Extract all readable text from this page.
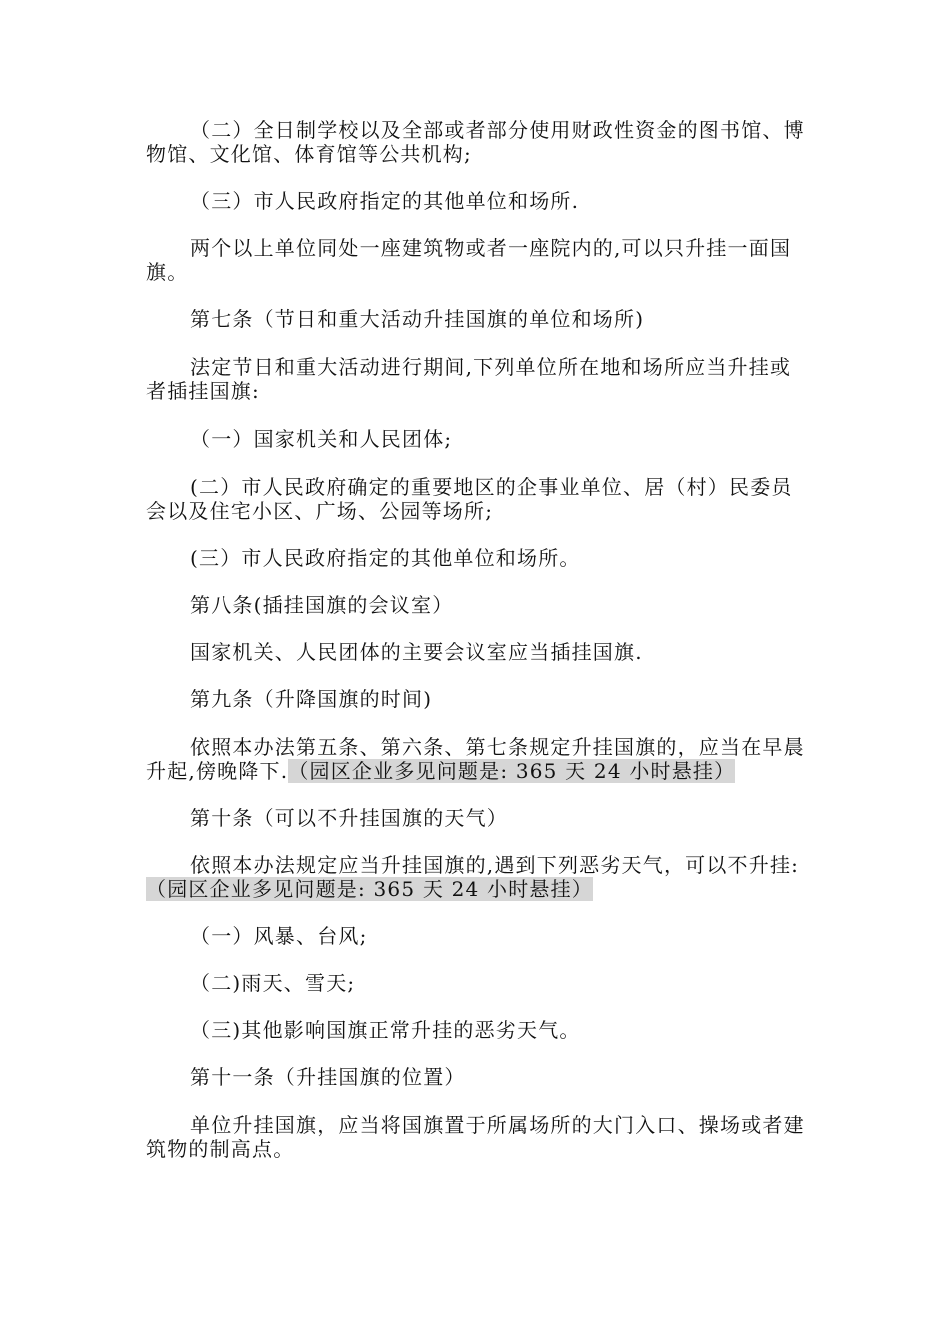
（二）全日制学校以及全部或者部分使用财政性资金的图书馆、博物馆、文化馆、体育馆等公共机构;

（三）市人民政府指定的其他单位和场所.

两个以上单位同处一座建筑物或者一座院内的,可以只升挂一面国旗。

第七条（节日和重大活动升挂国旗的单位和场所)

法定节日和重大活动进行期间,下列单位所在地和场所应当升挂或者插挂国旗:

（一）国家机关和人民团体;

(二）市人民政府确定的重要地区的企事业单位、居（村）民委员会以及住宅小区、广场、公园等场所;

(三）市人民政府指定的其他单位和场所。

第八条(插挂国旗的会议室）

国家机关、人民团体的主要会议室应当插挂国旗.

第九条（升降国旗的时间)

依照本办法第五条、第六条、第七条规定升挂国旗的，应当在早晨升起,傍晚降下.（园区企业多见问题是: 365 天 24 小时悬挂）

第十条（可以不升挂国旗的天气）

依照本办法规定应当升挂国旗的,遇到下列恶劣天气，可以不升挂:（园区企业多见问题是: 365 天 24 小时悬挂）

（一）风暴、台风;

（二)雨天、雪天;

（三)其他影响国旗正常升挂的恶劣天气。

第十一条（升挂国旗的位置）

单位升挂国旗，应当将国旗置于所属场所的大门入口、操场或者建筑物的制高点。
